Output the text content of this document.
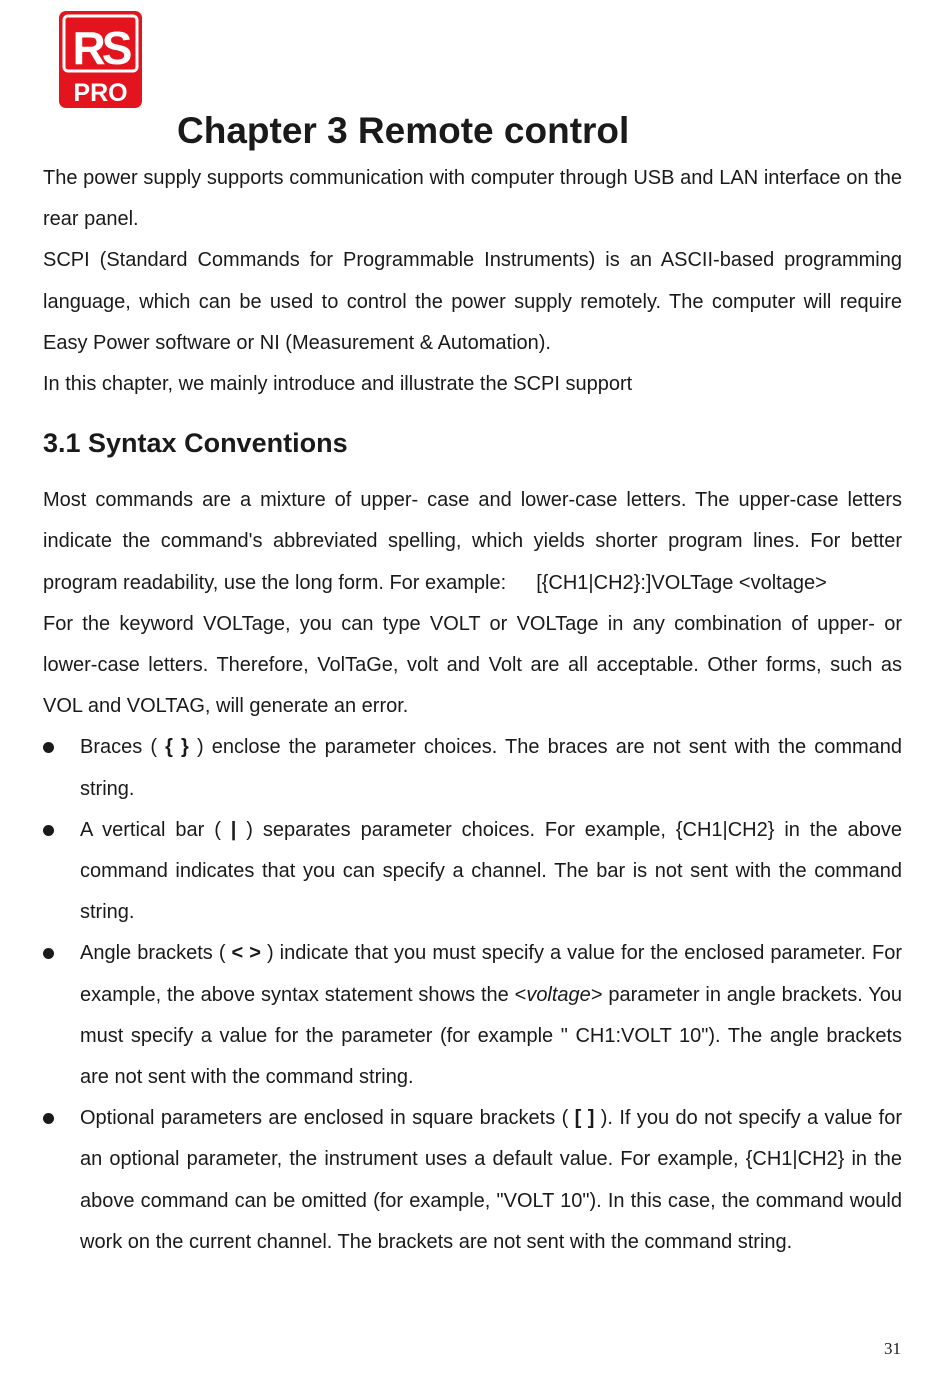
RS
PRO
Chapter 3 Remote control

The power supply supports communication with computer through USB and LAN interface on the rear panel.

SCPI (Standard Commands for Programmable Instruments) is an ASCII-based programming language, which can be used to control the power supply remotely. The computer will require Easy Power software or NI (Measurement & Automation).

In this chapter, we mainly introduce and illustrate the SCPI support

3.1 Syntax Conventions

Most commands are a mixture of upper- case and lower-case letters. The upper-case letters indicate the command's abbreviated spelling, which yields shorter program lines. For better program readability, use the long form. For example: [{CH1|CH2}:]VOLTage <voltage>

For the keyword VOLTage, you can type VOLT or VOLTage in any combination of upper- or lower-case letters. Therefore, VolTaGe, volt and Volt are all acceptable. Other forms, such as VOL and VOLTAG, will generate an error.

Braces ( { } ) enclose the parameter choices. The braces are not sent with the command string.
A vertical bar ( | ) separates parameter choices. For example, {CH1|CH2} in the above command indicates that you can specify a channel. The bar is not sent with the command string.
Angle brackets ( < > ) indicate that you must specify a value for the enclosed parameter. For example, the above syntax statement shows the <voltage> parameter in angle brackets. You must specify a value for the parameter (for example " CH1:VOLT 10"). The angle brackets are not sent with the command string.
Optional parameters are enclosed in square brackets ( [ ] ). If you do not specify a value for an optional parameter, the instrument uses a default value. For example, {CH1|CH2} in the above command can be omitted (for example, "VOLT 10"). In this case, the command would work on the current channel. The brackets are not sent with the command string.
31
